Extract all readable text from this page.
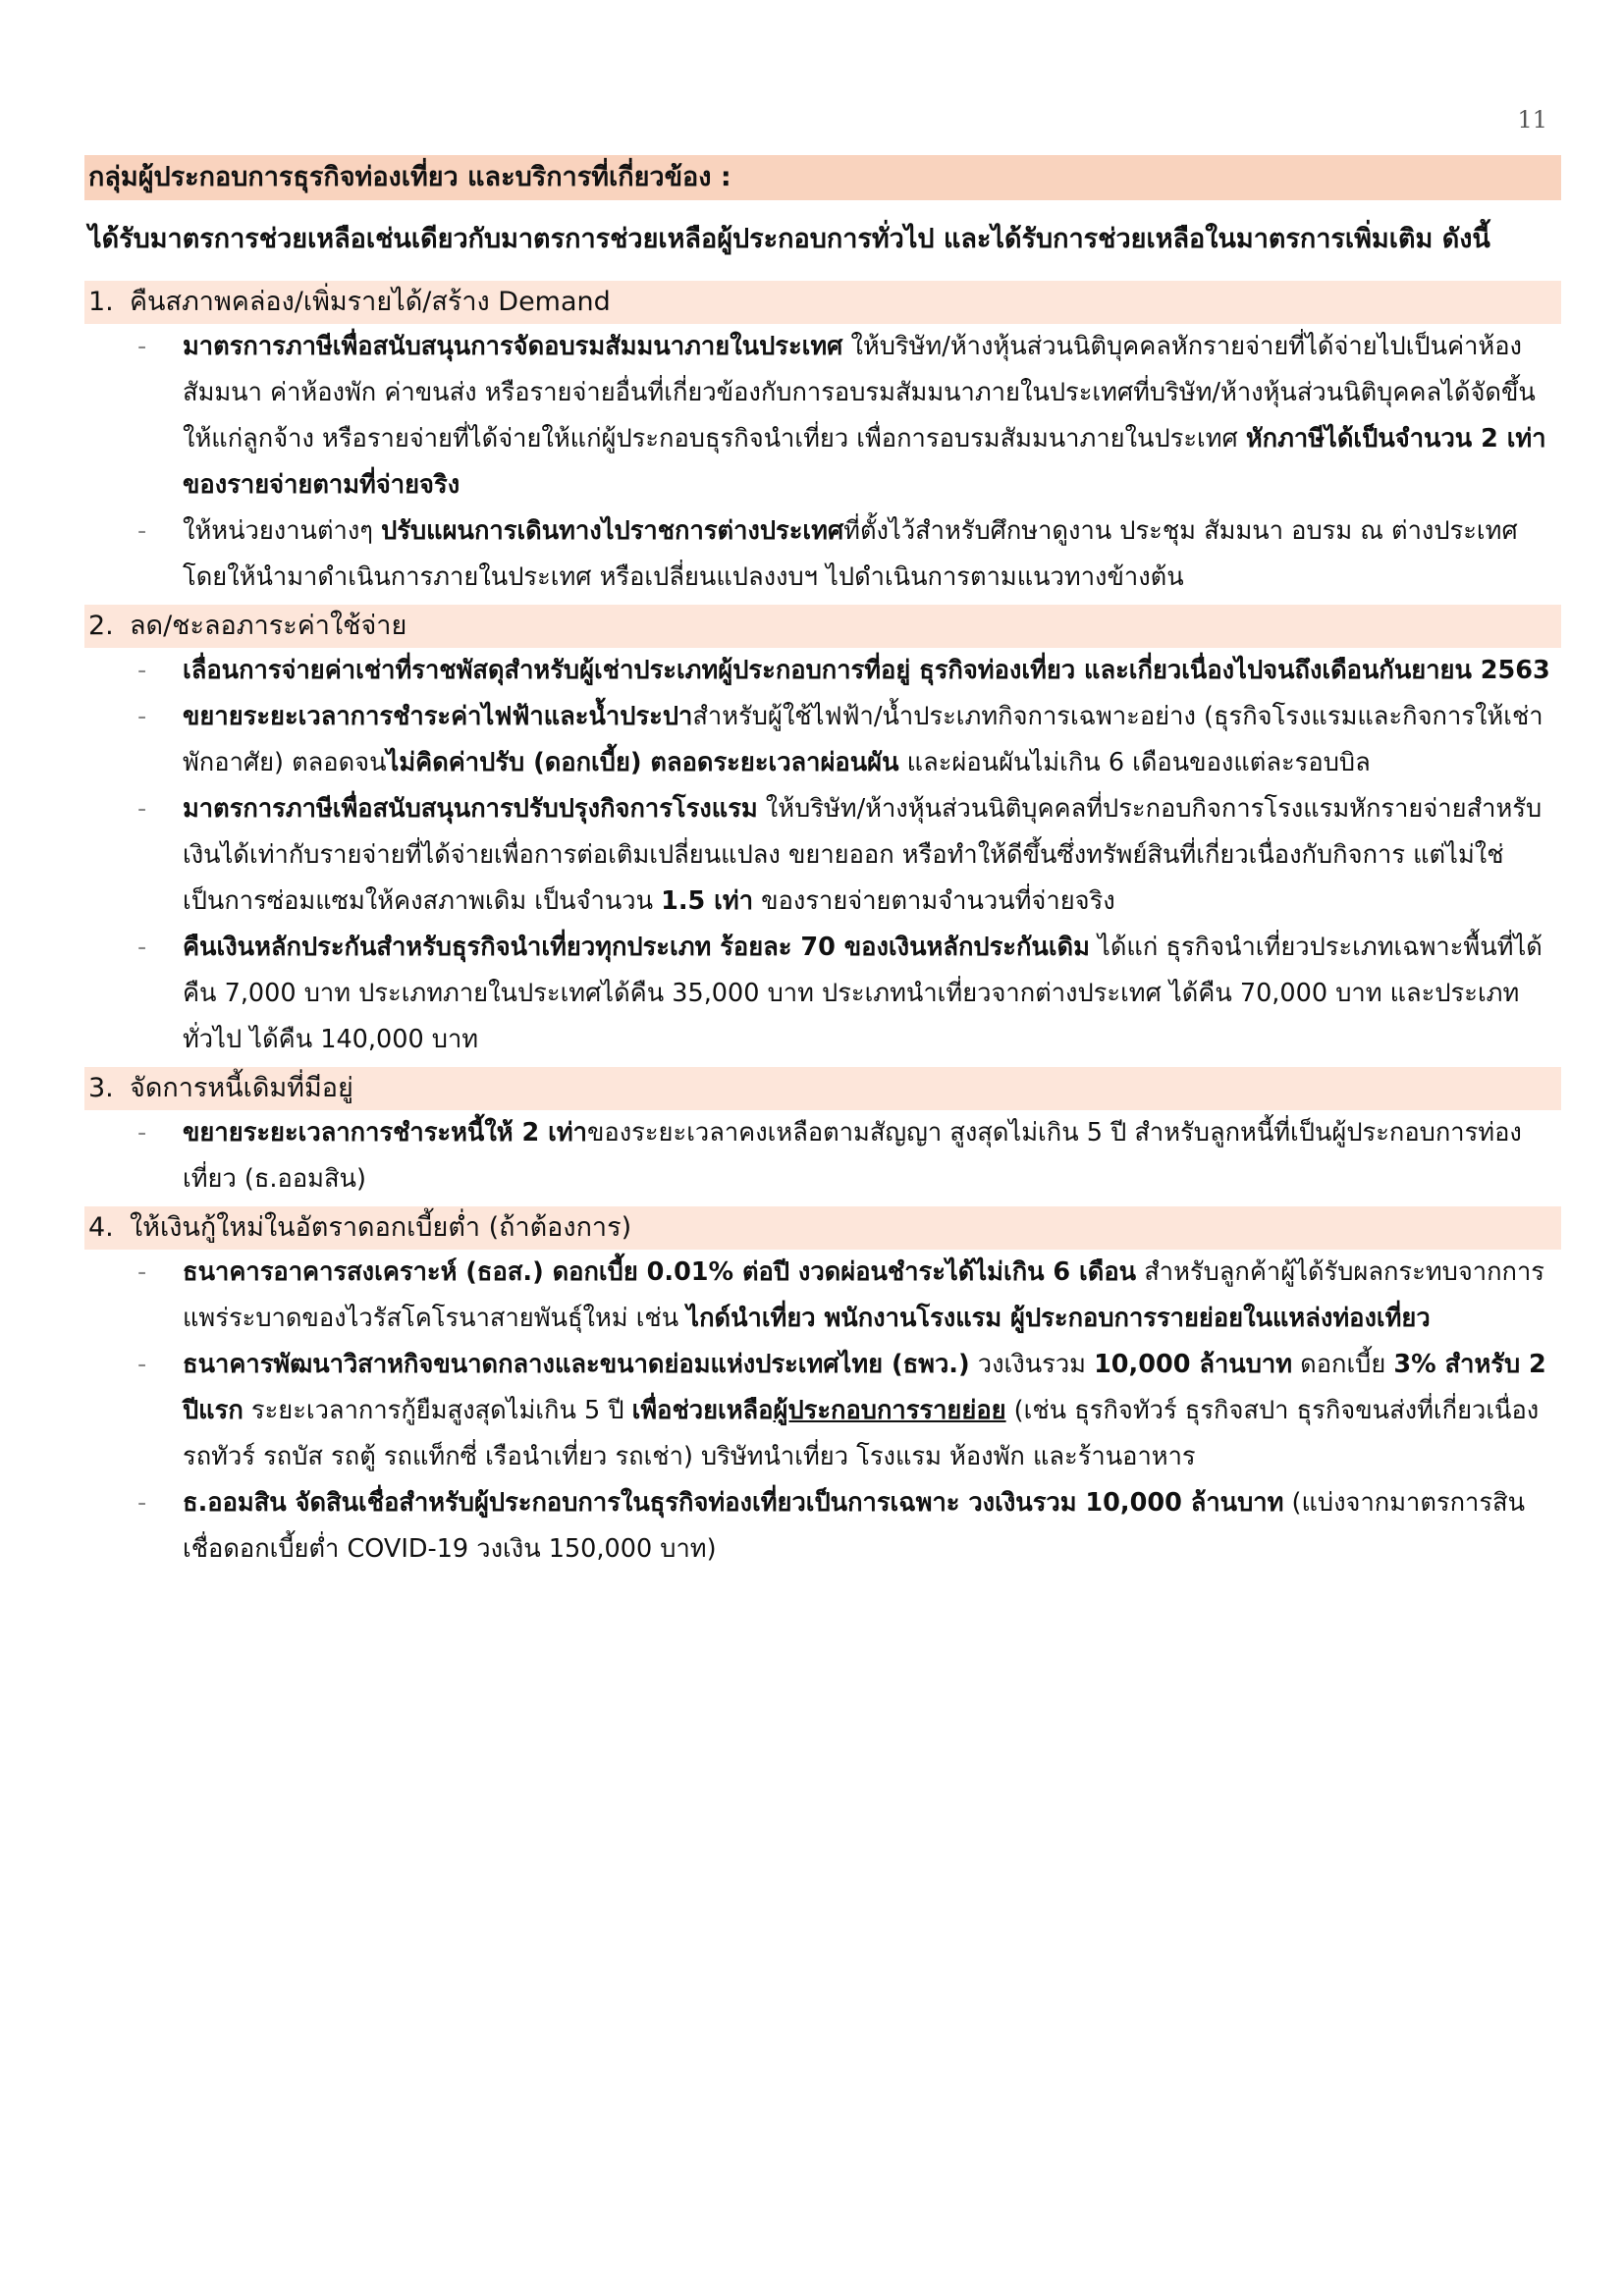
11
กลุ่มผู้ประกอบการธุรกิจท่องเที่ยว และบริการที่เกี่ยวข้อง :
ได้รับมาตรการช่วยเหลือเช่นเดียวกับมาตรการช่วยเหลือผู้ประกอบการทั่วไป และได้รับการช่วยเหลือในมาตรการเพิ่มเติม ดังนี้
1. คืนสภาพคล่อง/เพิ่มรายได้/สร้าง Demand
-	มาตรการภาษีเพื่อสนับสนุนการจัดอบรมสัมมนาภายในประเทศ ให้บริษัท/ห้างหุ้นส่วนนิติบุคคลหักรายจ่ายที่ได้จ่ายไปเป็นค่าห้องสัมมนา ค่าห้องพัก ค่าขนส่ง หรือรายจ่ายอื่นที่เกี่ยวข้องกับการอบรมสัมมนาภายในประเทศที่บริษัท/ห้างหุ้นส่วนนิติบุคคลได้จัดขึ้นให้แก่ลูกจ้าง หรือรายจ่ายที่ได้จ่ายให้แก่ผู้ประกอบธุรกิจนำเที่ยว เพื่อการอบรมสัมมนาภายในประเทศ หักภาษีได้เป็นจำนวน 2 เท่า ของรายจ่ายตามที่จ่ายจริง
-	ให้หน่วยงานต่างๆ ปรับแผนการเดินทางไปราชการต่างประเทศที่ตั้งไว้สำหรับศึกษาดูงาน ประชุม สัมมนา อบรม ณ ต่างประเทศ โดยให้นำมาดำเนินการภายในประเทศ หรือเปลี่ยนแปลงงบฯ ไปดำเนินการตามแนวทางข้างต้น
2. ลด/ชะลอภาระค่าใช้จ่าย
-	เลื่อนการจ่ายค่าเช่าที่ราชพัสดุสำหรับผู้เช่าประเภทผู้ประกอบการที่อยู่ ธุรกิจท่องเที่ยว และเกี่ยวเนื่องไปจนถึงเดือนกันยายน 2563
-	ขยายระยะเวลาการชำระค่าไฟฟ้าและน้ำประปาสำหรับผู้ใช้ไฟฟ้า/น้ำประเภทกิจการเฉพาะอย่าง (ธุรกิจโรงแรมและกิจการให้เช่าพักอาศัย) ตลอดจนไม่คิดค่าปรับ (ดอกเบี้ย) ตลอดระยะเวลาผ่อนผัน และผ่อนผันไม่เกิน 6 เดือนของแต่ละรอบบิล
-	มาตรการภาษีเพื่อสนับสนุนการปรับปรุงกิจการโรงแรม ให้บริษัท/ห้างหุ้นส่วนนิติบุคคลที่ประกอบกิจการโรงแรมหักรายจ่ายสำหรับเงินได้เท่ากับรายจ่ายที่ได้จ่ายเพื่อการต่อเติมเปลี่ยนแปลง ขยายออก หรือทำให้ดีขึ้นซึ่งทรัพย์สินที่เกี่ยวเนื่องกับกิจการ แต่ไม่ใช่เป็นการซ่อมแซมให้คงสภาพเดิม เป็นจำนวน 1.5 เท่า ของรายจ่ายตามจำนวนที่จ่ายจริง
-	คืนเงินหลักประกันสำหรับธุรกิจนำเที่ยวทุกประเภท ร้อยละ 70 ของเงินหลักประกันเดิม ได้แก่ ธุรกิจนำเที่ยวประเภทเฉพาะพื้นที่ได้คืน 7,000 บาท ประเภทภายในประเทศได้คืน 35,000 บาท ประเภทนำเที่ยวจากต่างประเทศ ได้คืน 70,000 บาท และประเภททั่วไป ได้คืน 140,000 บาท
3. จัดการหนี้เดิมที่มีอยู่
-	ขยายระยะเวลาการชำระหนี้ให้ 2 เท่าของระยะเวลาคงเหลือตามสัญญา สูงสุดไม่เกิน 5 ปี สำหรับลูกหนี้ที่เป็นผู้ประกอบการท่องเที่ยว (ธ.ออมสิน)
4. ให้เงินกู้ใหม่ในอัตราดอกเบี้ยต่ำ (ถ้าต้องการ)
-	ธนาคารอาคารสงเคราะห์ (ธอส.) ดอกเบี้ย 0.01% ต่อปี งวดผ่อนชำระได้ไม่เกิน 6 เดือน สำหรับลูกค้าผู้ได้รับผลกระทบจากการแพร่ระบาดของไวรัสโคโรนาสายพันธุ์ใหม่ เช่น ไกด์นำเที่ยว พนักงานโรงแรม ผู้ประกอบการรายย่อยในแหล่งท่องเที่ยว
-	ธนาคารพัฒนาวิสาหกิจขนาดกลางและขนาดย่อมแห่งประเทศไทย (ธพว.) วงเงินรวม 10,000 ล้านบาท ดอกเบี้ย 3% สำหรับ 2 ปีแรก ระยะเวลาการกู้ยืมสูงสุดไม่เกิน 5 ปี เพื่อช่วยเหลือผู้ประกอบการรายย่อย (เช่น ธุรกิจทัวร์ ธุรกิจสปา ธุรกิจขนส่งที่เกี่ยวเนื่อง รถทัวร์ รถบัส รถตู้ รถแท็กซี่ เรือนำเที่ยว รถเช่า) บริษัทนำเที่ยว โรงแรม ห้องพัก และร้านอาหาร
-	ธ.ออมสิน จัดสินเชื่อสำหรับผู้ประกอบการในธุรกิจท่องเที่ยวเป็นการเฉพาะ วงเงินรวม 10,000 ล้านบาท (แบ่งจากมาตรการสินเชื่อดอกเบี้ยต่ำ COVID-19 วงเงิน 150,000 บาท)
